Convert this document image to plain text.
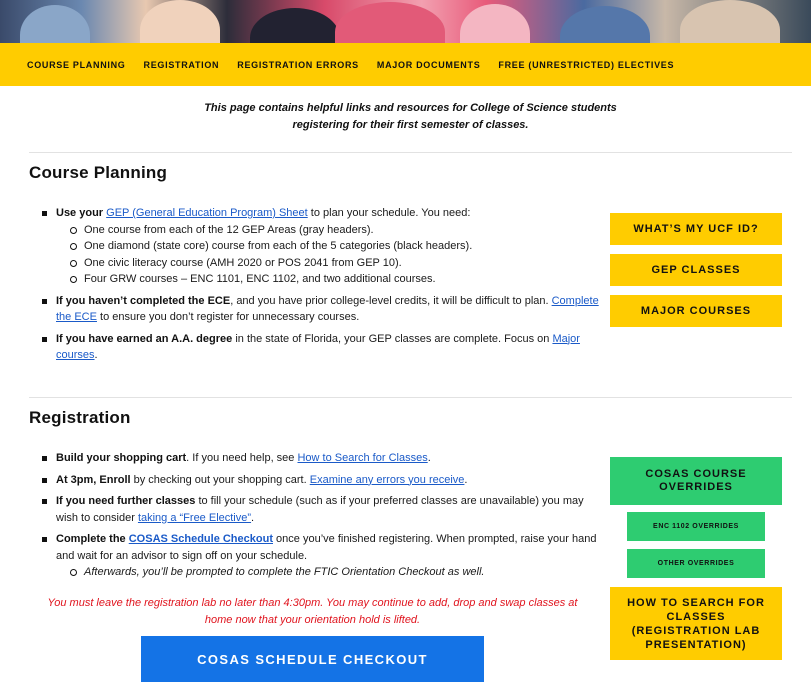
COURSE PLANNING REGISTRATION REGISTRATION ERRORS MAJOR DOCUMENTS FREE (UNRESTRICTED) ELECTIVES
This page contains helpful links and resources for College of Science students
registering for their first semester of classes.
Course Planning
Use your GEP (General Education Program) Sheet to plan your schedule. You need:
One course from each of the 12 GEP Areas (gray headers).
One diamond (state core) course from each of the 5 categories (black headers).
One civic literacy course (AMH 2020 or POS 2041 from GEP 10).
Four GRW courses – ENC 1101, ENC 1102, and two additional courses.
If you haven’t completed the ECE, and you have prior college-level credits, it will be difficult to plan. Complete the ECE to ensure you don’t register for unnecessary courses.
If you have earned an A.A. degree in the state of Florida, your GEP classes are complete. Focus on Major courses.
WHAT’S MY UCF ID?
GEP CLASSES
MAJOR COURSES
Registration
Build your shopping cart. If you need help, see How to Search for Classes.
At 3pm, Enroll by checking out your shopping cart. Examine any errors you receive.
If you need further classes to fill your schedule (such as if your preferred classes are unavailable) you may wish to consider taking a “Free Elective”.
Complete the COSAS Schedule Checkout once you’ve finished registering. When prompted, raise your hand and wait for an advisor to sign off on your schedule.
Afterwards, you’ll be prompted to complete the FTIC Orientation Checkout as well.
You must leave the registration lab no later than 4:30pm. You may continue to add, drop and swap classes at home now that your orientation hold is lifted.
COSAS SCHEDULE CHECKOUT
COSAS COURSE OVERRIDES
ENC 1102 OVERRIDES
OTHER OVERRIDES
HOW TO SEARCH FOR CLASSES (REGISTRATION LAB PRESENTATION)
